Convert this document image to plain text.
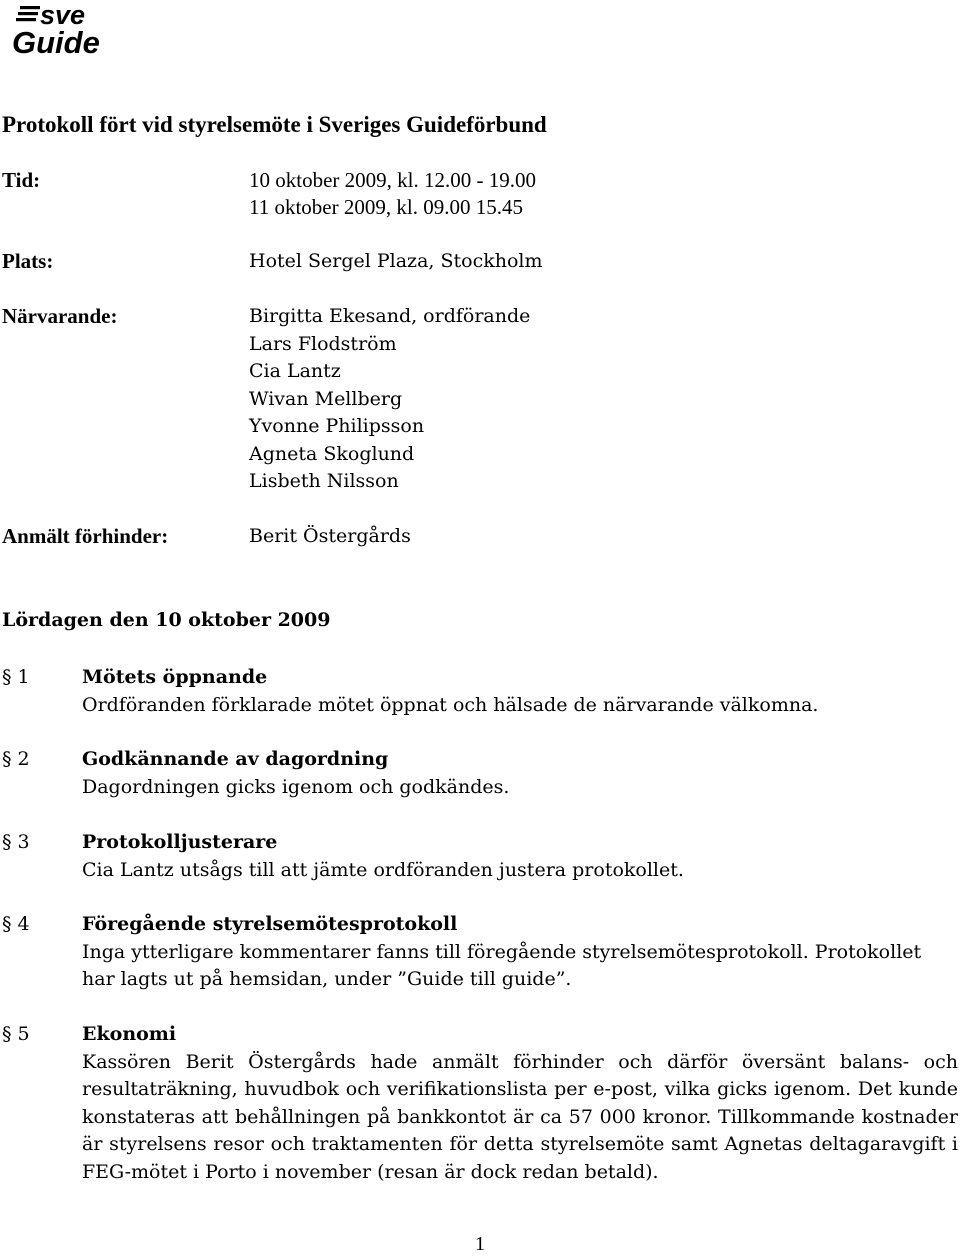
sve
Guide
Protokoll fört vid styrelsemöte i Sveriges Guideförbund
Tid:	10 oktober 2009, kl. 12.00 - 19.00
11 oktober 2009, kl. 09.00 15.45
Plats:	Hotel Sergel Plaza, Stockholm
Närvarande:	Birgitta Ekesand, ordförande
Lars Flodström
Cia Lantz
Wivan Mellberg
Yvonne Philipsson
Agneta Skoglund
Lisbeth Nilsson
Anmält förhinder:	Berit Östergårds
Lördagen den 10 oktober 2009
§ 1	Mötets öppnande
Ordföranden förklarade mötet öppnat och hälsade de närvarande välkomna.
§ 2	Godkännande av dagordning
Dagordningen gicks igenom och godkändes.
§ 3	Protokolljusterare
Cia Lantz utsågs till att jämte ordföranden justera protokollet.
§ 4	Föregående styrelsemötesprotokoll
Inga ytterligare kommentarer fanns till föregående styrelsemötesprotokoll. Protokollet har lagts ut på hemsidan, under ”Guide till guide”.
§ 5	Ekonomi
Kassören Berit Östergårds hade anmält förhinder och därför översänt balans- och resultaträkning, huvudbok och verifikationslista per e-post, vilka gicks igenom. Det kunde konstateras att behållningen på bankkontot är ca 57 000 kronor. Tillkommande kostnader är styrelsens resor och traktamenten för detta styrelsemöte samt Agnetas deltagaravgift i FEG-mötet i Porto i november (resan är dock redan betald).
1
